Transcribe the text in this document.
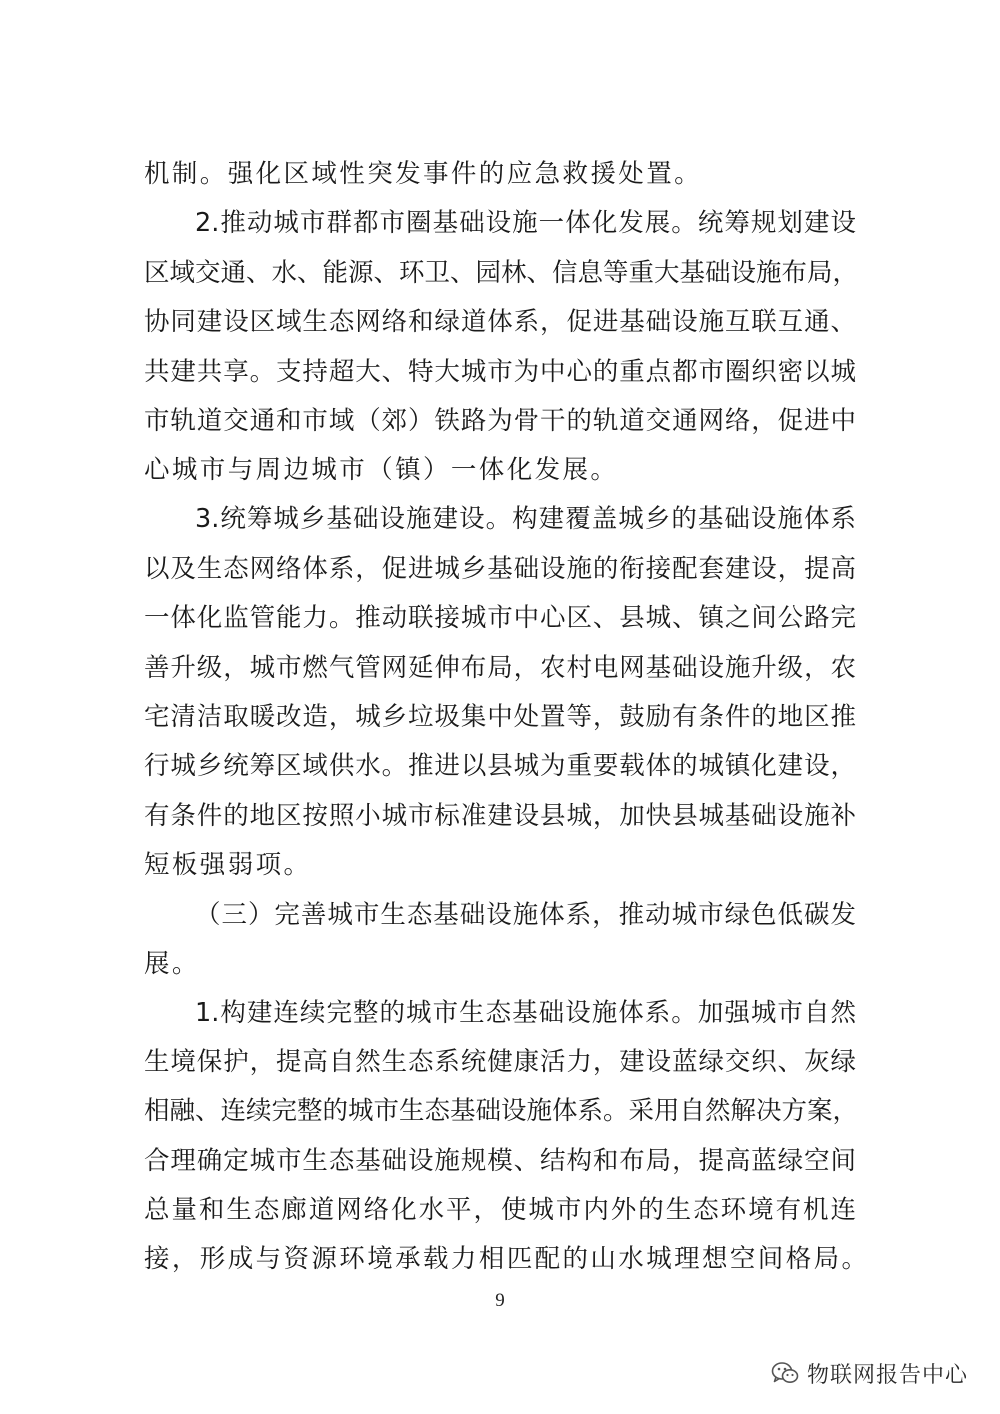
机制。强化区域性突发事件的应急救援处置。
2.推动城市群都市圈基础设施一体化发展。统筹规划建设
区域交通、水、能源、环卫、园林、信息等重大基础设施布局，
协同建设区域生态网络和绿道体系，促进基础设施互联互通、
共建共享。支持超大、特大城市为中心的重点都市圈织密以城
市轨道交通和市域（郊）铁路为骨干的轨道交通网络，促进中
心城市与周边城市（镇）一体化发展。
3.统筹城乡基础设施建设。构建覆盖城乡的基础设施体系
以及生态网络体系，促进城乡基础设施的衔接配套建设，提高
一体化监管能力。推动联接城市中心区、县城、镇之间公路完
善升级，城市燃气管网延伸布局，农村电网基础设施升级，农
宅清洁取暖改造，城乡垃圾集中处置等，鼓励有条件的地区推
行城乡统筹区域供水。推进以县城为重要载体的城镇化建设，
有条件的地区按照小城市标准建设县城，加快县城基础设施补
短板强弱项。
（三）完善城市生态基础设施体系，推动城市绿色低碳发
展。
1.构建连续完整的城市生态基础设施体系。加强城市自然
生境保护，提高自然生态系统健康活力，建设蓝绿交织、灰绿
相融、连续完整的城市生态基础设施体系。采用自然解决方案，
合理确定城市生态基础设施规模、结构和布局，提高蓝绿空间
总量和生态廊道网络化水平，使城市内外的生态环境有机连
接，形成与资源环境承载力相匹配的山水城理想空间格局。
9
物联网报告中心
